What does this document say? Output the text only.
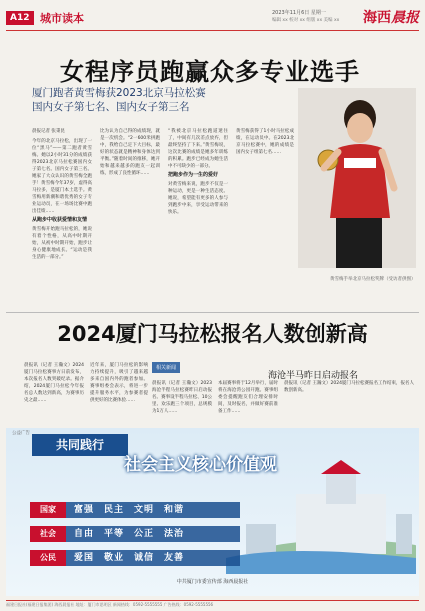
A12 城市读本	2023年11月6日 星期一
编辑 xx 校对 xx 组版 xx 美编 xx 海西晨报
女程序员跑赢众多专业选手
厦门跑者黄雪梅获2023北京马拉松赛
国内女子第七名、国内女子第三名
黄雪梅手举北京马拉松奖牌（受访者供图）
晨报记者 张秉昆

今年的北京马拉松，出现了一位“黑马”——第二跑者黄雪梅。她以2小时31分的成绩获得2023北京马拉松赛国内女子第七名。国内女子第三名。她家了大众认识的黄雪梅全跑手！黄雪梅今年37岁，虚得高马拉多，是厦门本土选手。黄雪梅用新潮和谐优秀的女子专业运动员，在一场场比赛中跑出佳绩……

从跑步中收获爱情和友情

黄雪梅开始跑马拉松的，她说有着个性格，从高中时期开始，从初中时期开始，跑步让身心健康地成长。“运动是我生活的一部分。”

比为认为自己得的成绩现，就是一次机会。“2一600米拼跑中，我给自己定下大目标，最好的状态就是精神和身体达到平衡。”随着时间的推移，她开始和越来越多的跑友一起训练，形成了良性循环……

“我被北京马拉松跑道迷住了，中间有几次差点放弃，但最终坚持了下来。”黄雪梅说，这次比赛的成绩是她多年训练的积累。跑步已经成为她生活中不可缺少的一部分。

把跑步作为一生的爱好

对黄雪梅来说，跑步不仅是一种运动，更是一种生活态度。她说，希望能有更多的人参与到跑步中来，享受运动带来的快乐。

黄雪梅获得了1小时马拉松成绩，在运动员中。在2023北京马拉松赛中，她的成绩是国内女子组第七名……

2024厦门马拉松报名人数创新高

晨报讯（记者 王瀚文）2024厦门马拉松赛事方日前发布，本次报名人数突破纪录。据介绍，2024厦门马拉松今年报名总人数达到新高，为赛事历史之最……

近年来，厦门马拉松的影响力持续提升，吸引了越来越多来自国内外的跑者参加。赛事组委会表示，将进一步提升服务水平，为参赛者提供更好的比赛体验……

相关新闻
海沧半马昨日启动报名

晨报讯（记者 王瀚文）2023海沧半程马拉松赛昨日启动报名。赛事设半程马拉松、10公里、欢乐跑三个项目，总规模为1万人……

本届赛事将于12月举行，届时将在海沧湾公园开跑。赛事组委会提醒跑友们合理安排时间，及时报名，并做好赛前准备工作……

晨报讯（记者 王瀚文）2024厦门马拉松赛报名工作结束，报名人数创新高。

公益广告
共同践行
社会主义核心价值观
国家	富强 民主 文明 和谐
社会	自由 平等 公正 法治
公民	爱国 敬业 诚信 友善
中共厦门市委宣传部 海西晨报社
福建日报社(福建日报集团) 海西晨报社 地址：厦门市思明区 新闻热线：0592-5555555 广告热线：0592-5555556
